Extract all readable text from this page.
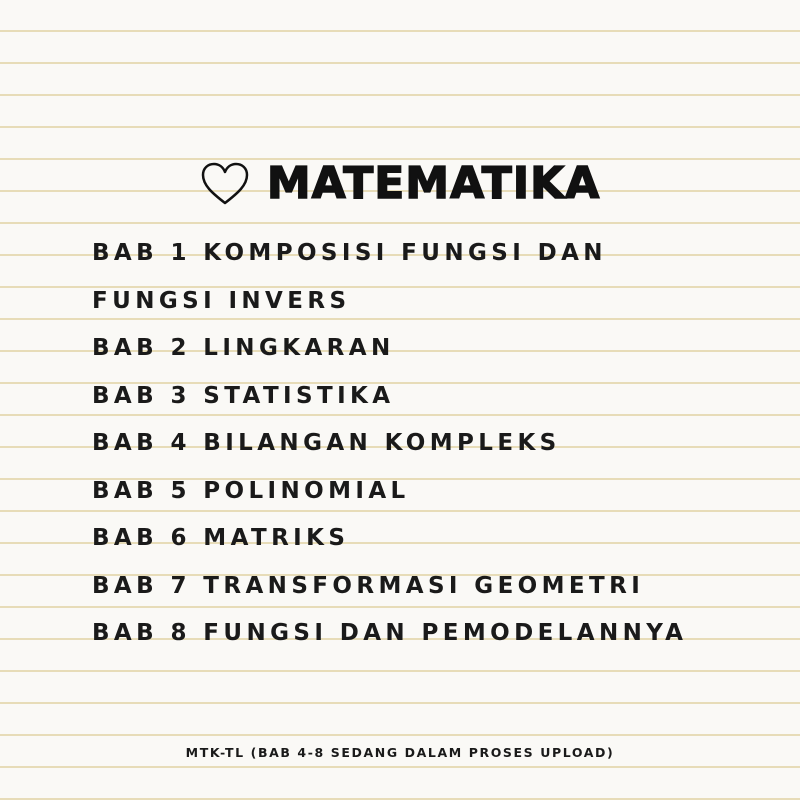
MATEMATIKA
BAB 1 KOMPOSISI FUNGSI DAN FUNGSI INVERS
BAB 2 LINGKARAN
BAB 3 STATISTIKA
BAB 4 BILANGAN KOMPLEKS
BAB 5 POLINOMIAL
BAB 6 MATRIKS
BAB 7 TRANSFORMASI GEOMETRI
BAB 8 FUNGSI DAN PEMODELANNYA
MTK-TL (BAB 4-8 SEDANG DALAM PROSES UPLOAD)
